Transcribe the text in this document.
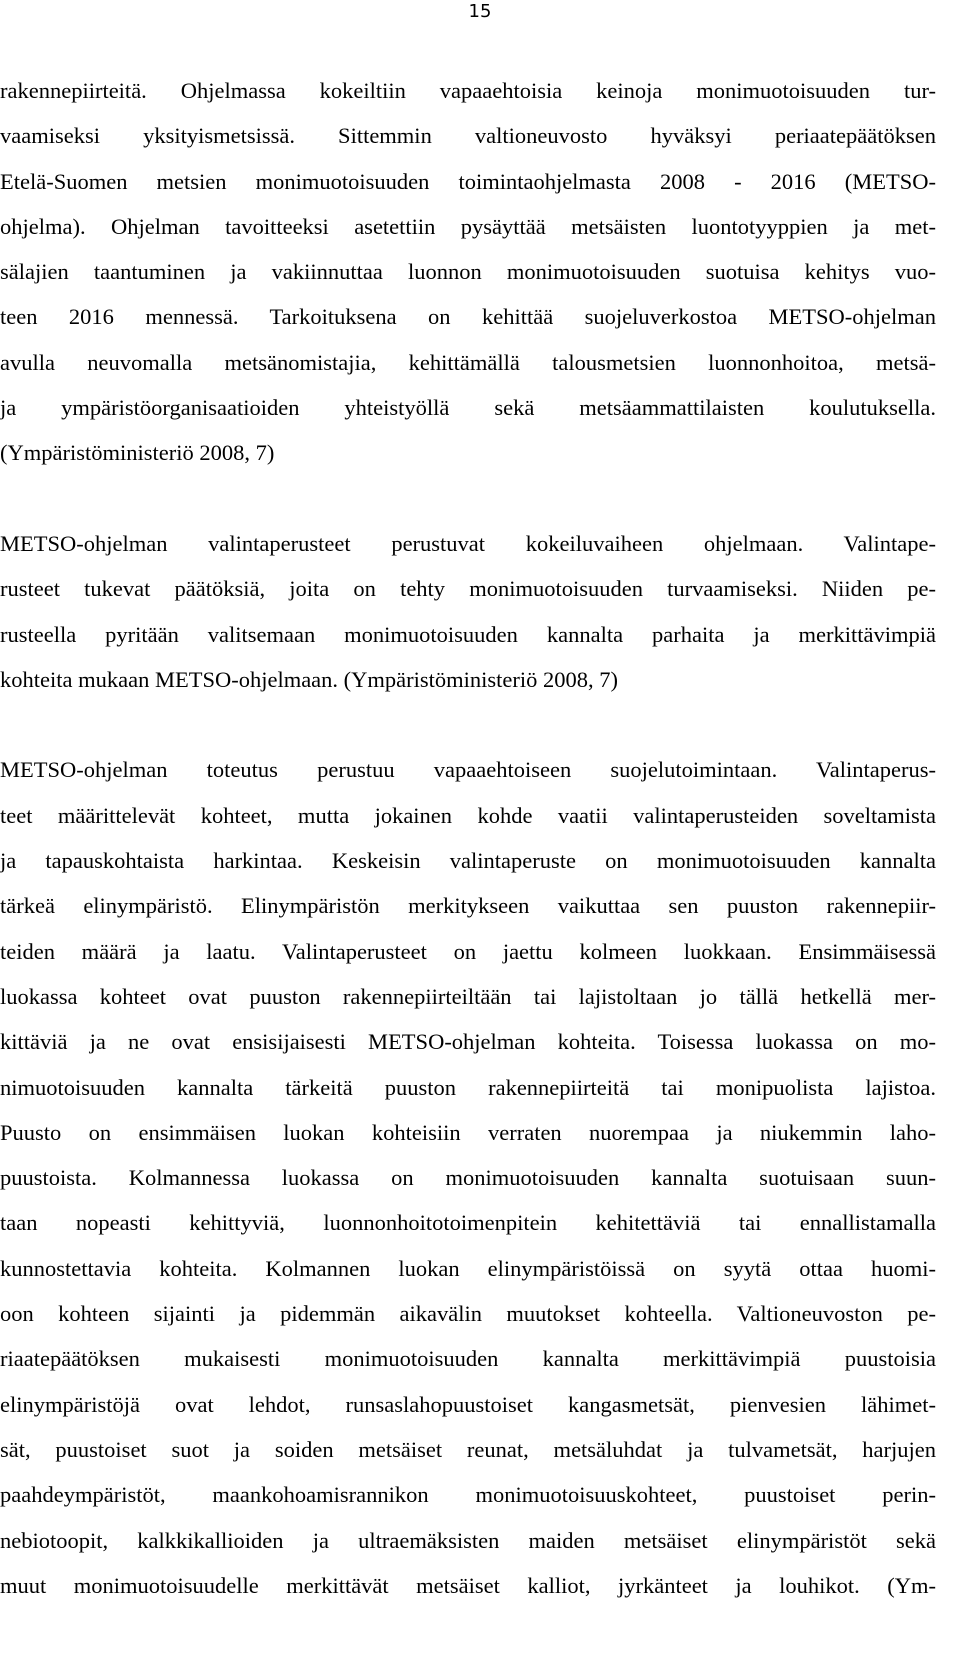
15

rakennepiirteitä. Ohjelmassa kokeiltiin vapaaehtoisia keinoja monimuotoisuuden tur-
vaamiseksi yksityismetsissä. Sittemmin valtioneuvosto hyväksyi periaatepäätöksen
Etelä-Suomen metsien monimuotoisuuden toimintaohjelmasta 2008 - 2016 (METSO-
ohjelma). Ohjelman tavoitteeksi asetettiin pysäyttää metsäisten luontotyyppien ja met-
sälajien taantuminen ja vakiinnuttaa luonnon monimuotoisuuden suotuisa kehitys vuo-
teen 2016 mennessä. Tarkoituksena on kehittää suojeluverkostoa METSO-ohjelman
avulla neuvomalla metsänomistajia, kehittämällä talousmetsien luonnonhoitoa, metsä-
ja ympäristöorganisaatioiden yhteistyöllä sekä metsäammattilaisten koulutuksella.
(Ympäristöministeriö 2008, 7)

METSO-ohjelman valintaperusteet perustuvat kokeiluvaiheen ohjelmaan. Valintape-
rusteet tukevat päätöksiä, joita on tehty monimuotoisuuden turvaamiseksi. Niiden pe-
rusteella pyritään valitsemaan monimuotoisuuden kannalta parhaita ja merkittävimpiä
kohteita mukaan METSO-ohjelmaan. (Ympäristöministeriö 2008, 7)

METSO-ohjelman toteutus perustuu vapaaehtoiseen suojelutoimintaan. Valintaperus-
teet määrittelevät kohteet, mutta jokainen kohde vaatii valintaperusteiden soveltamista
ja tapauskohtaista harkintaa. Keskeisin valintaperuste on monimuotoisuuden kannalta
tärkeä elinympäristö. Elinympäristön merkitykseen vaikuttaa sen puuston rakennepiir-
teiden määrä ja laatu. Valintaperusteet on jaettu kolmeen luokkaan. Ensimmäisessä
luokassa kohteet ovat puuston rakennepiirteiltään tai lajistoltaan jo tällä hetkellä mer-
kittäviä ja ne ovat ensisijaisesti METSO-ohjelman kohteita. Toisessa luokassa on mo-
nimuotoisuuden kannalta tärkeitä puuston rakennepiirteitä tai monipuolista lajistoa.
Puusto on ensimmäisen luokan kohteisiin verraten nuorempaa ja niukemmin laho-
puustoista. Kolmannessa luokassa on monimuotoisuuden kannalta suotuisaan suun-
taan nopeasti kehittyviä, luonnonhoitotoimenpitein kehitettäviä tai ennallistamalla
kunnostettavia kohteita. Kolmannen luokan elinympäristöissä on syytä ottaa huomi-
oon kohteen sijainti ja pidemmän aikavälin muutokset kohteella. Valtioneuvoston pe-
riaatepäätöksen mukaisesti monimuotoisuuden kannalta merkittävimpiä puustoisia
elinympäristöjä ovat lehdot, runsaslahopuustoiset kangasmetsät, pienvesien lähimet-
sät, puustoiset suot ja soiden metsäiset reunat, metsäluhdat ja tulvametsät, harjujen
paahdeympäristöt, maankohoamisrannikon monimuotoisuuskohteet, puustoiset perin-
nebiotoopit, kalkkikallioiden ja ultraemäksisten maiden metsäiset elinympäristöt sekä
muut monimuotoisuudelle merkittävät metsäiset kalliot, jyrkänteet ja louhikot. (Ym-
